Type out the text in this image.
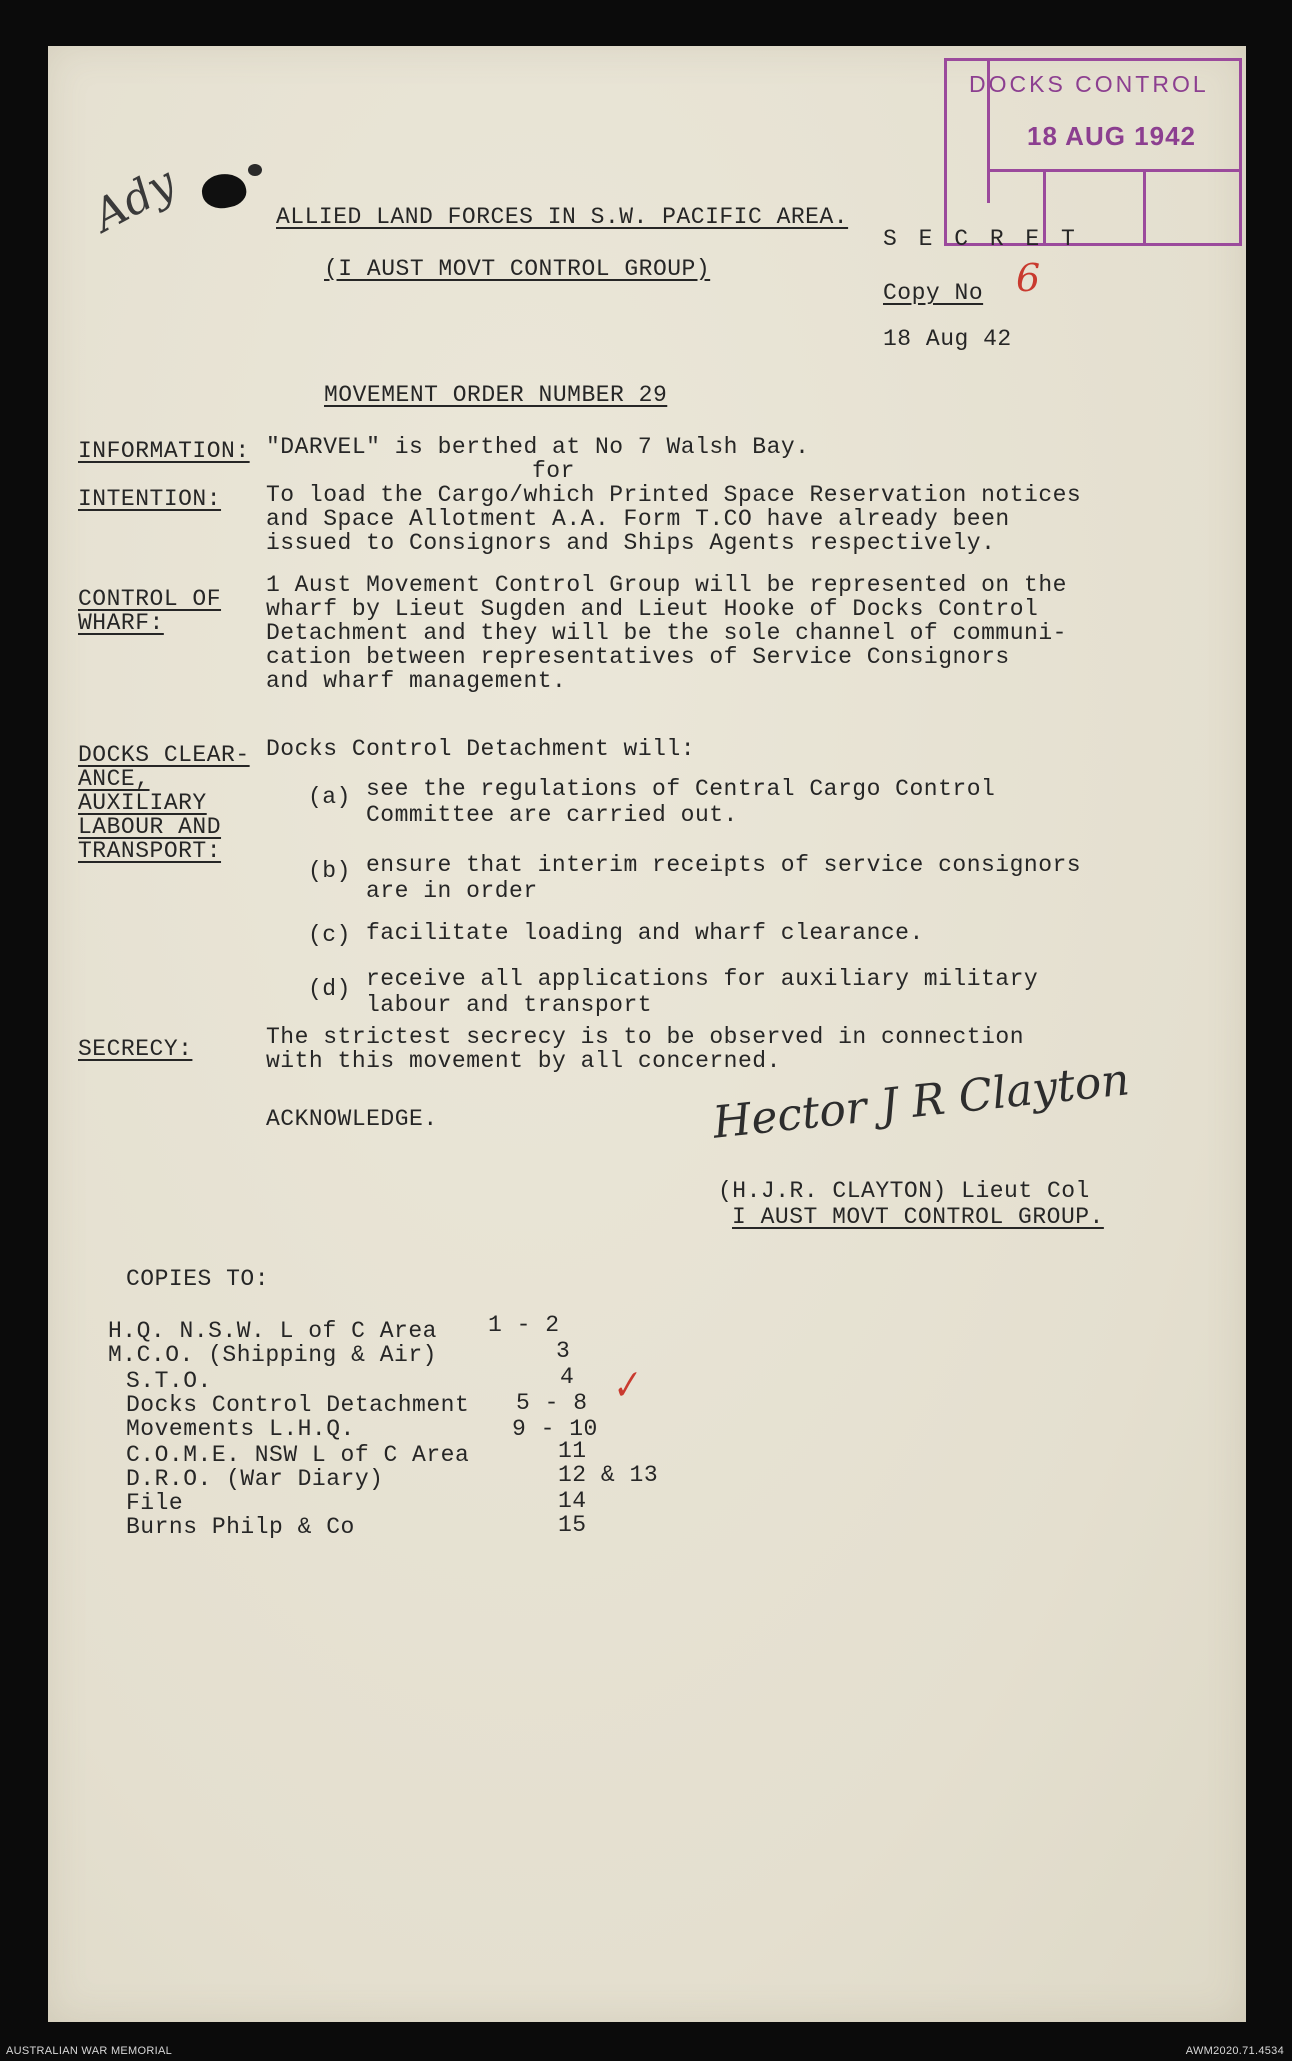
Ady
DOCKS CONTROL
18 AUG 1942
ALLIED LAND FORCES IN S.W. PACIFIC AREA.
(I AUST MOVT CONTROL GROUP)
S E C R E T
Copy No 6
18 Aug 42
MOVEMENT ORDER NUMBER 29
INFORMATION: "DARVEL" is berthed at No 7 Walsh Bay.
for
INTENTION: To load the Cargo/which Printed Space Reservation notices
and Space Allotment A.A. Form T.CO have already been
issued to Consignors and Ships Agents respectively.
CONTROL OF
WHARF:
1 Aust Movement Control Group will be represented on the
wharf by Lieut Sugden and Lieut Hooke of Docks Control
Detachment and they will be the sole channel of communi-
cation between representatives of Service Consignors
and wharf management.
DOCKS CLEAR-
ANCE,
AUXILIARY
LABOUR AND
TRANSPORT:
Docks Control Detachment will:
(a) see the regulations of Central Cargo Control
Committee are carried out.
(b) ensure that interim receipts of service consignors
are in order
(c) facilitate loading and wharf clearance.
(d) receive all applications for auxiliary military
labour and transport
SECRECY:	The strictest secrecy is to be observed in connection
with this movement by all concerned.
ACKNOWLEDGE.	Hector J R Clayton
(H.J.R. CLAYTON) Lieut Col
I AUST MOVT CONTROL GROUP.
COPIES TO:
H.Q. N.S.W. L of C Area 1 - 2
M.C.O. (Shipping & Air)	3
S.T.O.	4
Docks Control Detachment 5 - 8 ✓
Movements L.H.Q.	9 - 10
C.O.M.E. NSW L of C Area	11
D.R.O. (War Diary)	12 & 13
File	14
Burns Philp & Co	15
AUSTRALIAN WAR MEMORIAL	AWM2020.71.4534
